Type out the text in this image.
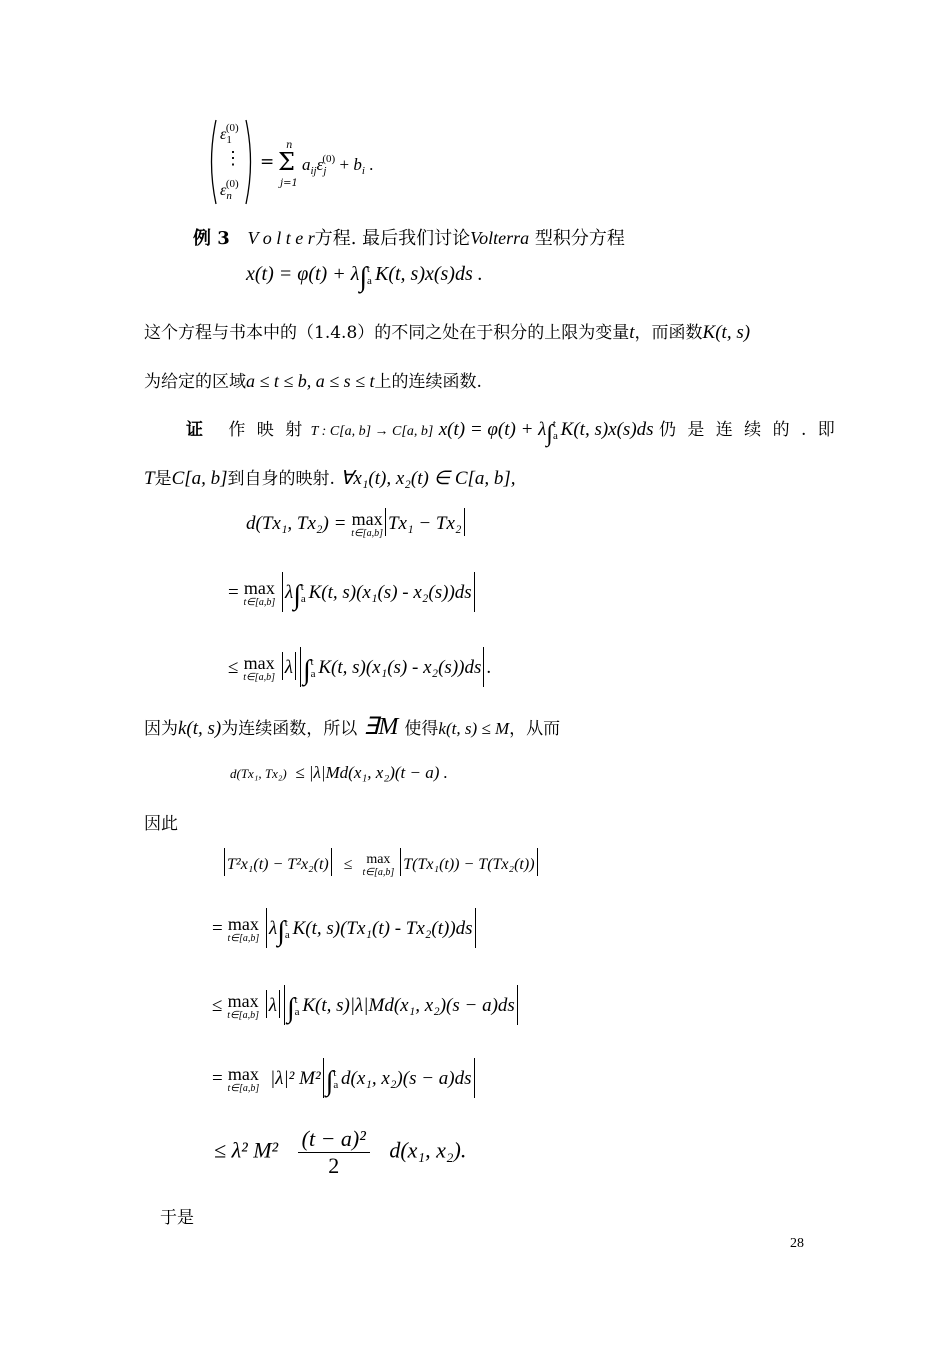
$\varepsilon_1^{(0)}$
⋮
$\varepsilon_n^{(0)}$
=
n
Σ
j=1
$a_{ij}\varepsilon_j^{(0)} + b_i$ .
例 3 V o l t e r方程. 最后我们讨论Volterra 型积分方程
$x(t) = \varphi(t) + \lambda\int_a^t$ K(t, s)x(s)ds .
这个方程与书本中的（1.4.8）的不同之处在于积分的上限为变量t，而函数K(t, s)
为给定的区域a ≤ t ≤ b, a ≤ s ≤ t上的连续函数.
证 作 映 射 T : C[a, b] → C[a, b] $x(t) = \varphi(t) + \lambda\int_a^t$ K(t, s)x(s)ds 仍 是 连 续 的 . 即
T是C[a, b]到自身的映射. ∀x₁(t), x₂(t) ∈ C[a, b],
d(Tx₁, Tx₂) = max
t∈[a,b] Tx₁ − Tx₂
= max
t∈[a,b] $\lambda\int_a^t$ K(t, s)(x₁(s) - x₂(s))ds
≤ max
t∈[a,b] λ $\int_a^t$ K(t, s)(x₁(s) - x₂(s))ds .
因为k(t, s)为连续函数，所以 ∃M 使得k(t, s) ≤ M，从而
d(Tx₁, Tx₂) ≤ |λ|Md(x₁, x₂)(t − a) .
因此
T²x₁(t) − T²x₂(t) ≤ max
t∈[a,b] T(Tx₁(t)) − T(Tx₂(t))
= max
t∈[a,b] $\lambda\int_a^t$ K(t, s)(Tx₁(t) - Tx₂(t))ds
≤ max
t∈[a,b] λ $\int_a^t$ K(t, s)|λ|Md(x₁, x₂)(s − a)ds
= max
t∈[a,b] |λ|² M² $\int_a^t$ d(x₁, x₂)(s − a)ds
≤ λ² $M^2 \frac{\text{(t − a)²}}{2} d(x_1$, x₂).
于是
28
